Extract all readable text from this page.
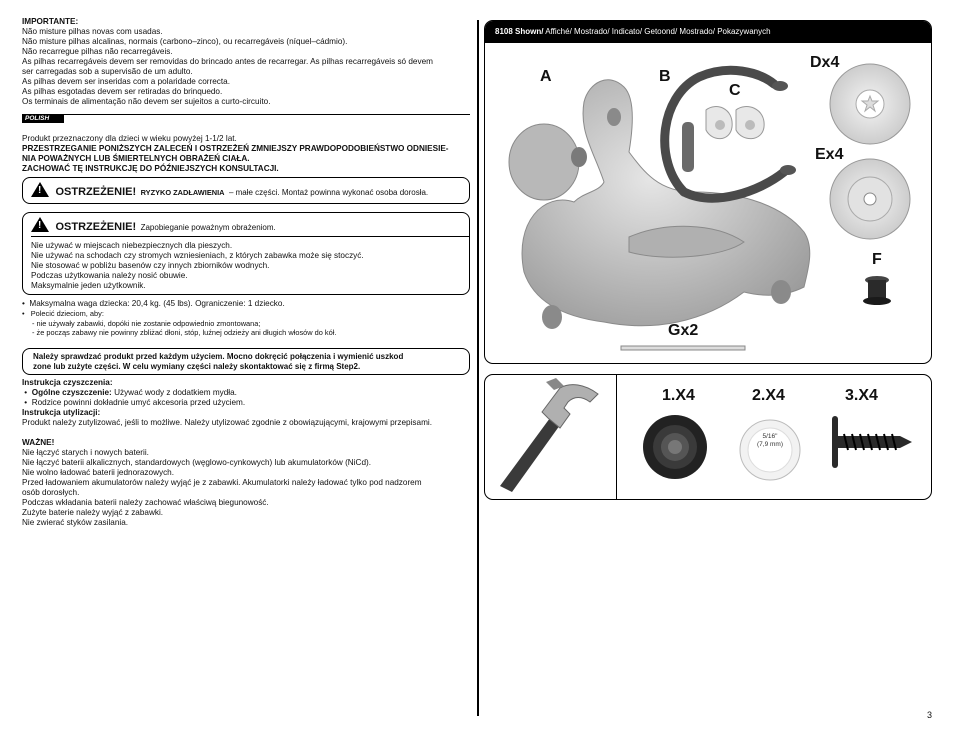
IMPORTANTE:
Não misture pilhas novas com usadas.
Não misture pilhas alcalinas, normais (carbono–zinco), ou recarregáveis (níquel–cádmio).
Não recarregue pilhas não recarregáveis.
As pilhas recarregáveis devem ser removidas do brincado antes de recarregar. As pilhas recarregáveis só devem
ser carregadas sob a supervisão de um adulto.
As pilhas devem ser inseridas com a polaridade correcta.
As pilhas esgotadas devem ser retiradas do brinquedo.
Os terminais de alimentação não devem ser sujeitos a curto-circuito.
POLISH
Produkt przeznaczony dla dzieci w wieku powyżej 1-1/2 lat.
PRZESTRZEGANIE PONIŻSZYCH ZALECEŃ I OSTRZEŻEŃ ZMNIEJSZY PRAWDOPODOBIEŃSTWO ODNIESIE-
NIA POWAŻNYCH LUB ŚMIERTELNYCH OBRAŻEŃ CIAŁA.
ZACHOWAĆ TĘ INSTRUKCJĘ DO PÓŹNIEJSZYCH KONSULTACJI.
! OSTRZEŻENIE! RYZYKO ZADŁAWIENIA – małe części. Montaż powinna wykonać osoba dorosła.
! OSTRZEŻENIE! Zapobieganie poważnym obrażeniom.
Nie używać w miejscach niebezpiecznych dla pieszych.
Nie używać na schodach czy stromych wzniesieniach, z których zabawka może się stoczyć.
Nie stosować w pobliżu basenów czy innych zbiorników wodnych.
Podczas użytkowania należy nosić obuwie.
Maksymalnie jeden użytkownik.
•  Maksymalna waga dziecka: 20,4 kg. (45 lbs). Ograniczenie: 1 dziecko.
•   Polecić dzieciom, aby:
- nie używały zabawki, dopóki nie zostanie odpowiednio zmontowana;
- że począs zabawy nie powinny zbliżać dłoni, stóp, luźnej odzieży ani długich włosów do kół.
Należy sprawdzać produkt przed każdym użyciem. Mocno dokręcić połączenia i wymienić uszkod
zone lub zużyte części. W celu wymiany części należy skontaktować się z firmą Step2.
Instrukcja czyszczenia:
•  Ogólne czyszczenie: Używać wody z dodatkiem mydła.
•  Rodzice powinni dokładnie umyć akcesoria przed użyciem.
Instrukcja utylizacji:
Produkt należy zutylizować, jeśli to możliwe. Należy utylizować zgodnie z obowiązującymi, krajowymi przepisami.
WAŻNE!
Nie łączyć starych i nowych baterii.
Nie łączyć baterii alkalicznych, standardowych (węglowo-cynkowych) lub akumulatorków (NiCd).
Nie wolno ładować baterii jednorazowych.
Przed ładowaniem akumulatorów należy wyjąć je z zabawki. Akumulatorki należy ładować tylko pod nadzorem
osób dorosłych.
Podczas wkładania baterii należy zachować właściwą biegunowość.
Zużyte baterie należy wyjąć z zabawki.
Nie zwierać styków zasilania.
8108 Shown/ Affiché/ Mostrado/ Indicato/ Getoond/ Mostrado/ Pokazywanych
A	B
C
Dx4
Ex4
F
Gx2
1.X4	2.X4	3.X4
5/16"
(7,9 mm)
3
